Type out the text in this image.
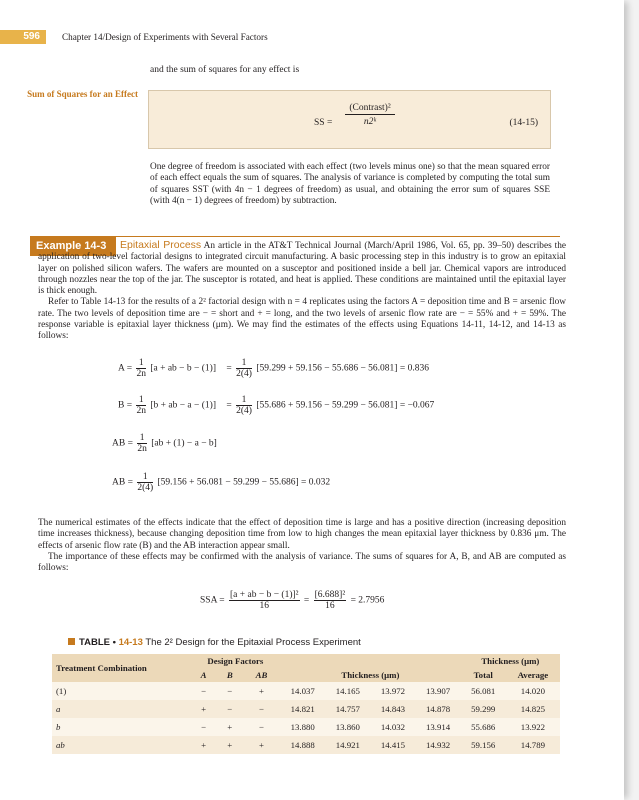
596	Chapter 14/Design of Experiments with Several Factors
and the sum of squares for any effect is
Sum of Squares for an Effect
SS =
(Contrast)²
n2ᵏ	(14-15)
One degree of freedom is associated with each effect (two levels minus one) so that the mean squared error of each effect equals the sum of squares. The analysis of variance is completed by computing the total sum of squares SST (with 4n − 1 degrees of freedom) as usual, and obtaining the error sum of squares SSE (with 4(n − 1) degrees of freedom) by subtraction.
Example 14-3	Epitaxial Process An article in the AT&T Technical Journal (March/April 1986, Vol. 65, pp. 39–50) describes the application of two-level factorial designs to integrated circuit manufacturing. A basic processing step in this industry is to grow an epitaxial layer on polished silicon wafers. The wafers are mounted on a susceptor and positioned inside a bell jar. Chemical vapors are introduced through nozzles near the top of the jar. The susceptor is rotated, and heat is applied. These conditions are maintained until the epitaxial layer is thick enough.
Refer to Table 14-13 for the results of a 2² factorial design with n = 4 replicates using the factors A = deposition time and B = arsenic flow rate. The two levels of deposition time are − = short and + = long, and the two levels of arsenic flow rate are − = 55% and + = 59%. The response variable is epitaxial layer thickness (μm). We may find the estimates of the effects using Equations 14-11, 14-12, and 14-13 as follows:
$A = \frac{1}{2n} [a$ + ab − $b - (1)] = \frac{1}{2(4)} [59.299 + 59.156 - 55.686 - 56.081] = 0.836$
$B = \frac{1}{2n} [b$ + ab − $a - (1)] = \frac{1}{2(4)} [55.686 + 59.156 - 59.299 - 56.081] = -0.067$
AB = $\frac{1}{2n} [ab + (1) - a - b]$
AB = $\frac{1}{2(4)} [59.156 + 56.081 - 59.299 - 55.686] = 0.032$
The numerical estimates of the effects indicate that the effect of deposition time is large and has a positive direction (increasing deposition time increases thickness), because changing deposition time from low to high changes the mean epitaxial layer thickness by 0.836 μm. The effects of arsenic flow rate (B) and the AB interaction appear small.
The importance of these effects may be confirmed with the analysis of variance. The sums of squares for A, B, and AB are computed as follows:
SSA = $\frac{\text{[a + ab − b − (1)]²}}{16} = \frac{\text{[6.688]²}}{16} = 2.7956$
TABLE • 14-13 The 2² Design for the Epitaxial Process Experiment
Treatment Combination	Design Factors							Thickness (μm)	
	A	B	AB	Thickness (μm)				Total	Average
(1)	−	−	+	14.037	14.165	13.972	13.907	56.081	14.020
a	+	−	−	14.821	14.757	14.843	14.878	59.299	14.825
b	−	+	−	13.880	13.860	14.032	13.914	55.686	13.922
ab	+	+	+	14.888	14.921	14.415	14.932	59.156	14.789
